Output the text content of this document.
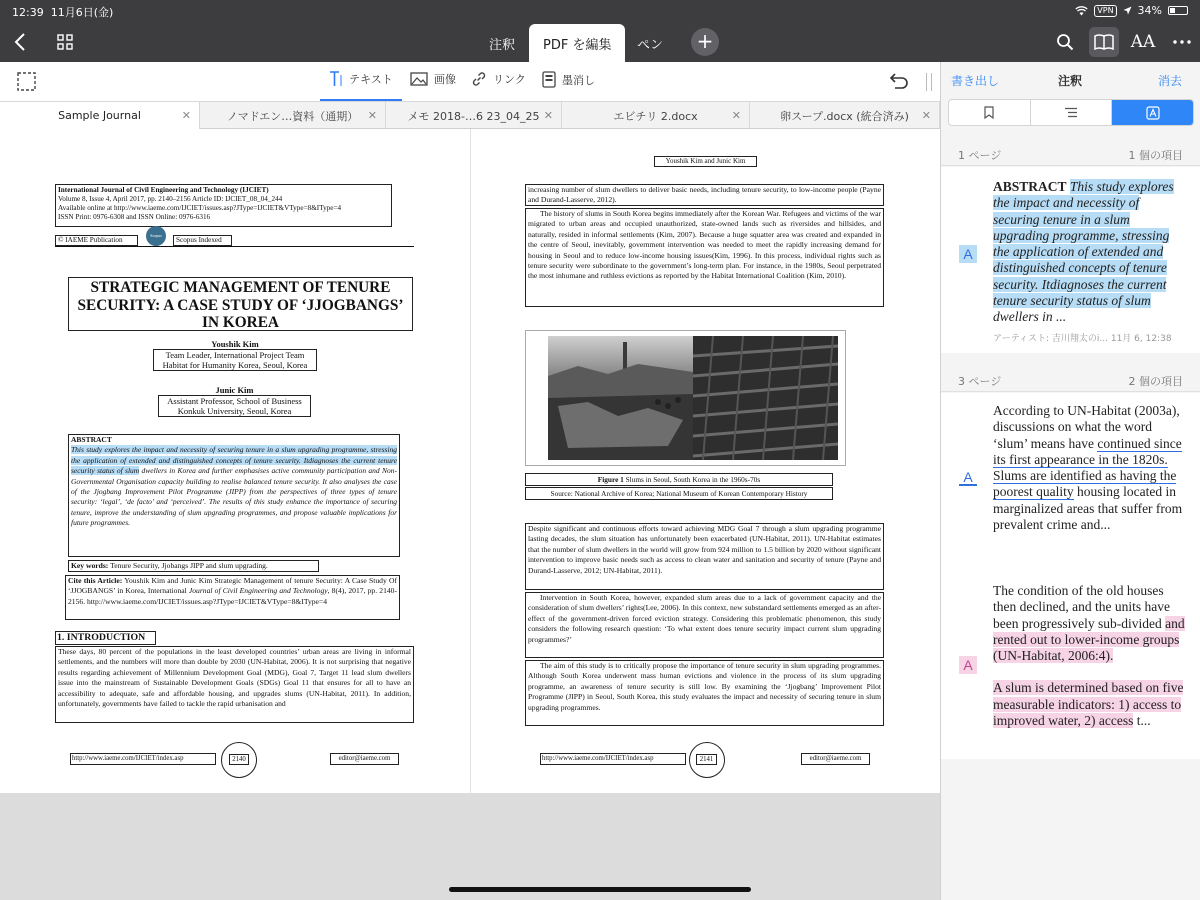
12:39 11月6日(金)	VPN 34%
注釈	PDF を編集	ペン +	AA
テキスト	画像	リンク	墨消し
Sample Journal	✕	ノマドエン…資料（通期） ✕	メモ 2018-…6 23_04_25 ✕	エビチリ 2.docx	✕	卵スープ.docx (統合済み) ✕
International Journal of Civil Engineering and Technology (IJCIET)
Volume 8, Issue 4, April 2017, pp. 2140–2156 Article ID: IJCIET_08_04_244
Available online at http://www.iaeme.com/IJCIET/issues.asp?JType=IJCIET&VType=8&IType=4
ISSN Print: 0976-6308 and ISSN Online: 0976-6316
© IAEME Publication
Scopus
Scopus Indexed
STRATEGIC MANAGEMENT OF TENURE SECURITY: A CASE STUDY OF ‘JJOGBANGS’ IN KOREA
Youshik Kim
Team Leader, International Project Team
Habitat for Humanity Korea, Seoul, Korea
Junic Kim
Assistant Professor, School of Business
Konkuk University, Seoul, Korea
ABSTRACT
This study explores the impact and necessity of securing tenure in a slum upgrading programme, stressing the application of extended and distinguished concepts of tenure security. Itdiagnoses the current tenure security status of slum dwellers in Korea and further emphasises active community participation and Non-Governmental Organisation capacity building to realise balanced tenure security. It also analyses the case of the Jjogbang Improvement Pilot Programme (JIPP) from the perspectives of three types of tenure security: ‘legal’, ‘de facto’ and ‘perceived’. The results of this study enhance the importance of securing tenure, improve the understanding of slum upgrading programmes, and propose valuable implications for future programmes.
Key words: Tenure Security, Jjobangs JIPP and slum upgrading.
Cite this Article: Youshik Kim and Junic Kim Strategic Management of tenure Security: A Case Study Of ‘JJOGBANGS’ in Korea, International Journal of Civil Engineering and Technology, 8(4), 2017, pp. 2140-2156. http://www.iaeme.com/IJCIET/issues.asp?JType=IJCIET&VType=8&IType=4
1. INTRODUCTION
These days, 80 percent of the populations in the least developed countries’ urban areas are living in informal settlements, and the numbers will more than double by 2030 (UN-Habitat, 2006). It is not surprising that negative results regarding achievement of Millennium Development Goal (MDG), Goal 7, Target 11 lead slum dwellers issue into the mainstream of Sustainable Development Goals (SDGs) Goal 11 that ensures for all to have an accessibility to adequate, safe and affordable housing, and upgrades slums (UN-Habitat, 2011). In addition, unfortunately, governments have failed to tackle the rapid urbanisation and
http://www.iaeme.com/IJCIET/index.asp	2140	editor@iaeme.com
Youshik Kim and Junic Kim
increasing number of slum dwellers to deliver basic needs, including tenure security, to low-income people (Payne and Durand-Lasserve, 2012).
The history of slums in South Korea begins immediately after the Korean War. Refugees and victims of the war migrated to urban areas and occupied unauthorized, state-owned lands such as riversides and hillsides, and naturally, resided in informal settlements (Kim, 2007). Because a huge squatter area was created and expanded in the centre of Seoul, inevitably, government intervention was needed to meet the rapidly increasing demand for housing in Seoul and to reduce low-income housing issues(Kim, 1996). In this process, individual rights such as tenure security were subordinate to the government’s long-term plan. For instance, in the 1980s, Seoul perpetrated the most inhumane and ruthless evictions as reported by the Habitat International Coalition (Kim, 2010).
Figure 1 Slums in Seoul, South Korea in the 1960s-70s
Source: National Archive of Korea; National Museum of Korean Contemporary History
Despite significant and continuous efforts toward achieving MDG Goal 7 through a slum upgrading programme lasting decades, the slum situation has unfortunately been exacerbated (UN-Habitat, 2011). UN-Habitat estimates that the number of slum dwellers in the world will grow from 924 million to 1.5 billion by 2020 without significant intervention to improve basic needs such as access to clean water and sanitation and security of tenure (Payne and Durand-Lasserve, 2012; UN-Habitat, 2011).
Intervention in South Korea, however, expanded slum areas due to a lack of government capacity and the consideration of slum dwellers’ rights(Lee, 2006). In this context, new substandard settlements emerged as an after-effect of the government-driven forced eviction strategy. Considering this problematic phenomenon, this study considers the following research question: ‘To what extent does tenure security impact current slum upgrading programmes?’
The aim of this study is to critically propose the importance of tenure security in slum upgrading programmes. Although South Korea underwent mass human evictions and violence in the process of its slum upgrading programme, an awareness of tenure security is still low. By examining the ‘Jjogbang’ Improvement Pilot Programme (JIPP) in Seoul, South Korea, this study evaluates the impact and necessity of securing tenure in slum upgrading programmes.
http://www.iaeme.com/IJCIET/index.asp	2141	editor@iaeme.com
書き出し	注釈	消去
1 ページ	1 個の項目
A
ABSTRACT This study explores the impact and necessity of securing tenure in a slum upgrading programme, stressing the application of extended and distinguished concepts of tenure security. Itdiagnoses the current tenure security status of slum dwellers in ...
アーティスト: 吉川翔太のi... 11月 6, 12:38
3 ページ	2 個の項目
A
According to UN-Habitat (2003a), discussions on what the word ‘slum’ means have continued since its first appearance in the 1820s. Slums are identified as having the poorest quality housing located in marginalized areas that suffer from prevalent crime and...
A
The condition of the old houses then declined, and the units have been progressively sub-divided and rented out to lower-income groups (UN-Habitat, 2006:4).
A slum is determined based on five measurable indicators: 1) access to improved water, 2) access t...
